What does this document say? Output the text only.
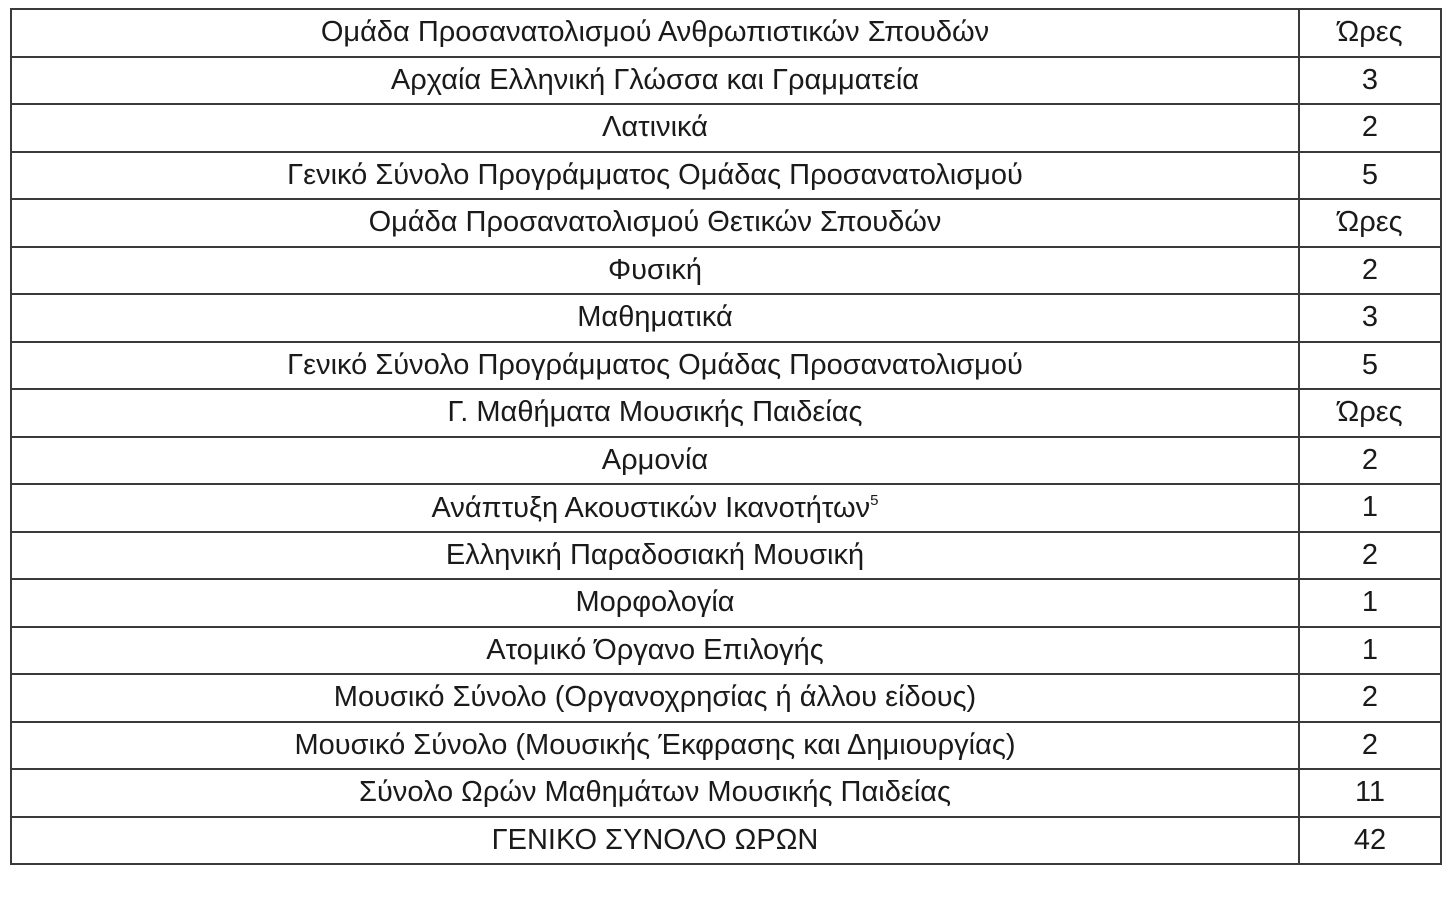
Ομάδα Προσανατολισμού Ανθρωπιστικών Σπουδών	Ώρες
Αρχαία Ελληνική Γλώσσα και Γραμματεία	3
Λατινικά	2
Γενικό Σύνολο Προγράμματος Ομάδας Προσανατολισμού	5
Ομάδα Προσανατολισμού Θετικών Σπουδών	Ώρες
Φυσική	2
Μαθηματικά	3
Γενικό Σύνολο Προγράμματος Ομάδας Προσανατολισμού	5
Γ. Μαθήματα Μουσικής Παιδείας	Ώρες
Αρμονία	2
Ανάπτυξη Ακουστικών Ικανοτήτων$^5$	1
Ελληνική Παραδοσιακή Μουσική	2
Μορφολογία	1
Ατομικό Όργανο Επιλογής	1
Μουσικό Σύνολο (Οργανοχρησίας ή άλλου είδους)	2
Μουσικό Σύνολο (Μουσικής Έκφρασης και Δημιουργίας)	2
Σύνολο Ωρών Μαθημάτων Μουσικής Παιδείας	11
ΓΕΝΙΚΟ ΣΥΝΟΛΟ ΩΡΩΝ	42
